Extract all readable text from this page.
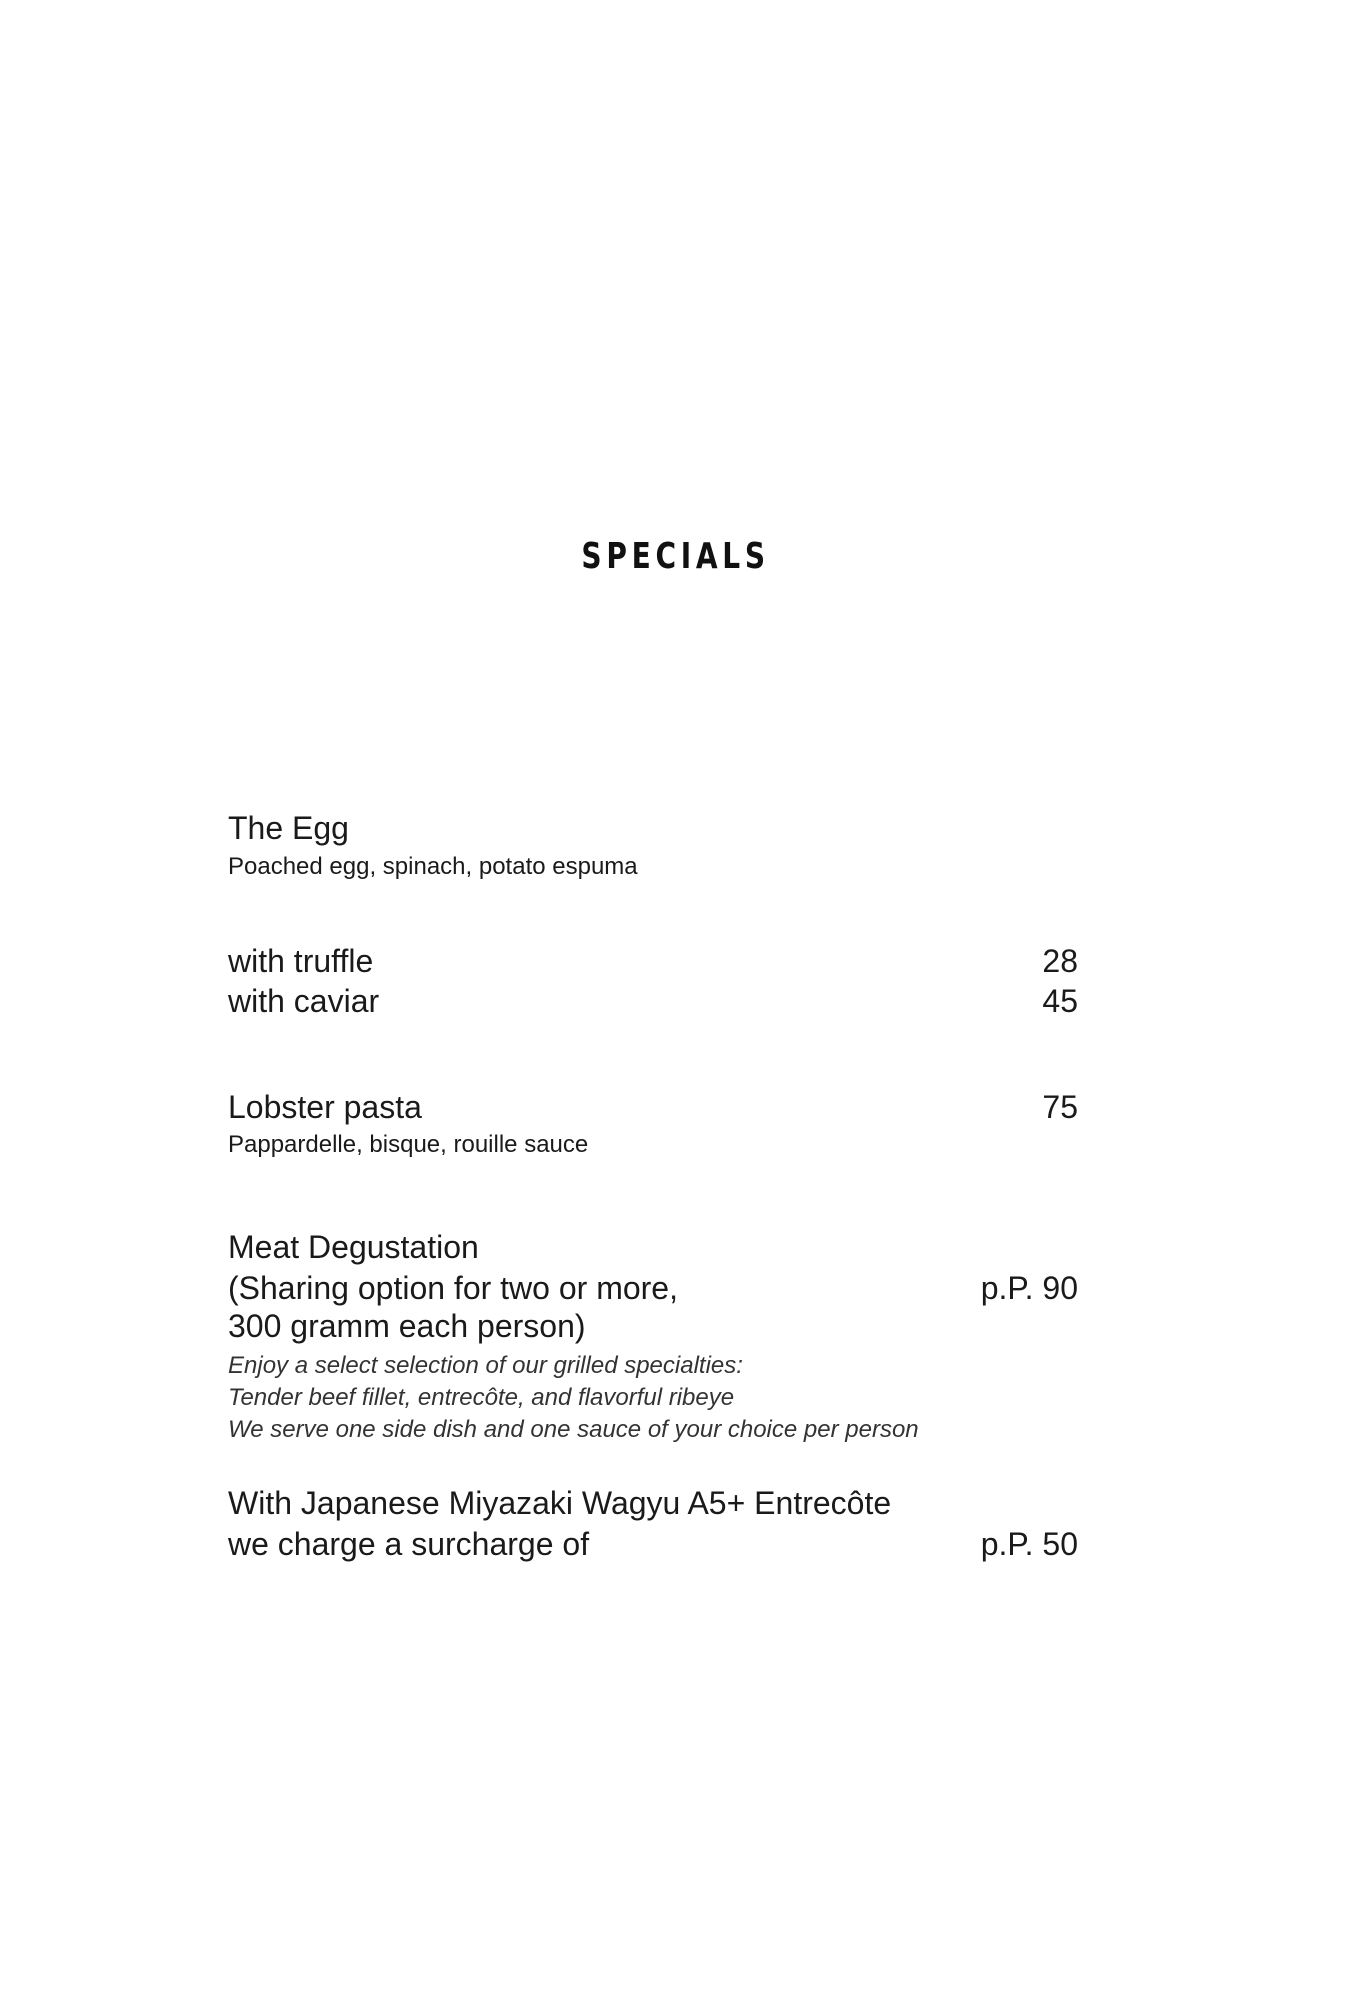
SPECIALS
The Egg
Poached egg, spinach, potato espuma
with truffle	28
with caviar	45
Lobster pasta	75
Pappardelle, bisque, rouille sauce
Meat Degustation
(Sharing option for two or more,	p.P. 90
300 gramm each person)
Enjoy a select selection of our grilled specialties:
Tender beef fillet, entrecôte, and flavorful ribeye
We serve one side dish and one sauce of your choice per person
With Japanese Miyazaki Wagyu A5+ Entrecôte
we charge a surcharge of	p.P. 50
